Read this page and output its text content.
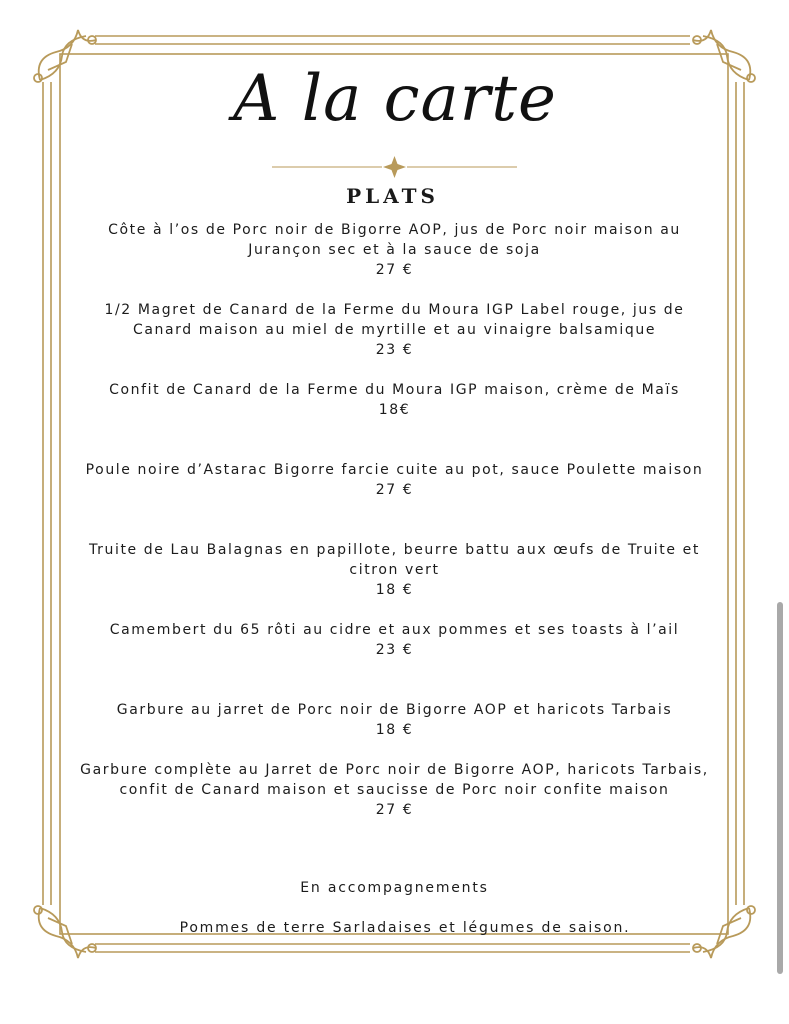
A la carte
PLATS
Côte à l’os de Porc noir de Bigorre AOP, jus de Porc noir maison au Jurançon sec et à la sauce de soja
27 €
1/2 Magret de Canard de la Ferme du Moura IGP Label rouge, jus de Canard maison au miel de myrtille et au vinaigre balsamique
23 €
Confit de Canard de la Ferme du Moura IGP maison, crème de Maïs
18€
Poule noire d’Astarac Bigorre farcie cuite au pot, sauce Poulette maison
27 €
Truite de Lau Balagnas en papillote, beurre battu aux œufs de Truite et citron vert
18 €
Camembert du 65 rôti au cidre et aux pommes et ses toasts à l’ail
23 €
Garbure au jarret de Porc noir de Bigorre AOP et haricots Tarbais
18 €
Garbure complète au Jarret de Porc noir de Bigorre AOP, haricots Tarbais, confit de Canard maison et saucisse de Porc noir confite maison
27 €
En accompagnements
Pommes de terre Sarladaises et légumes de saison.
